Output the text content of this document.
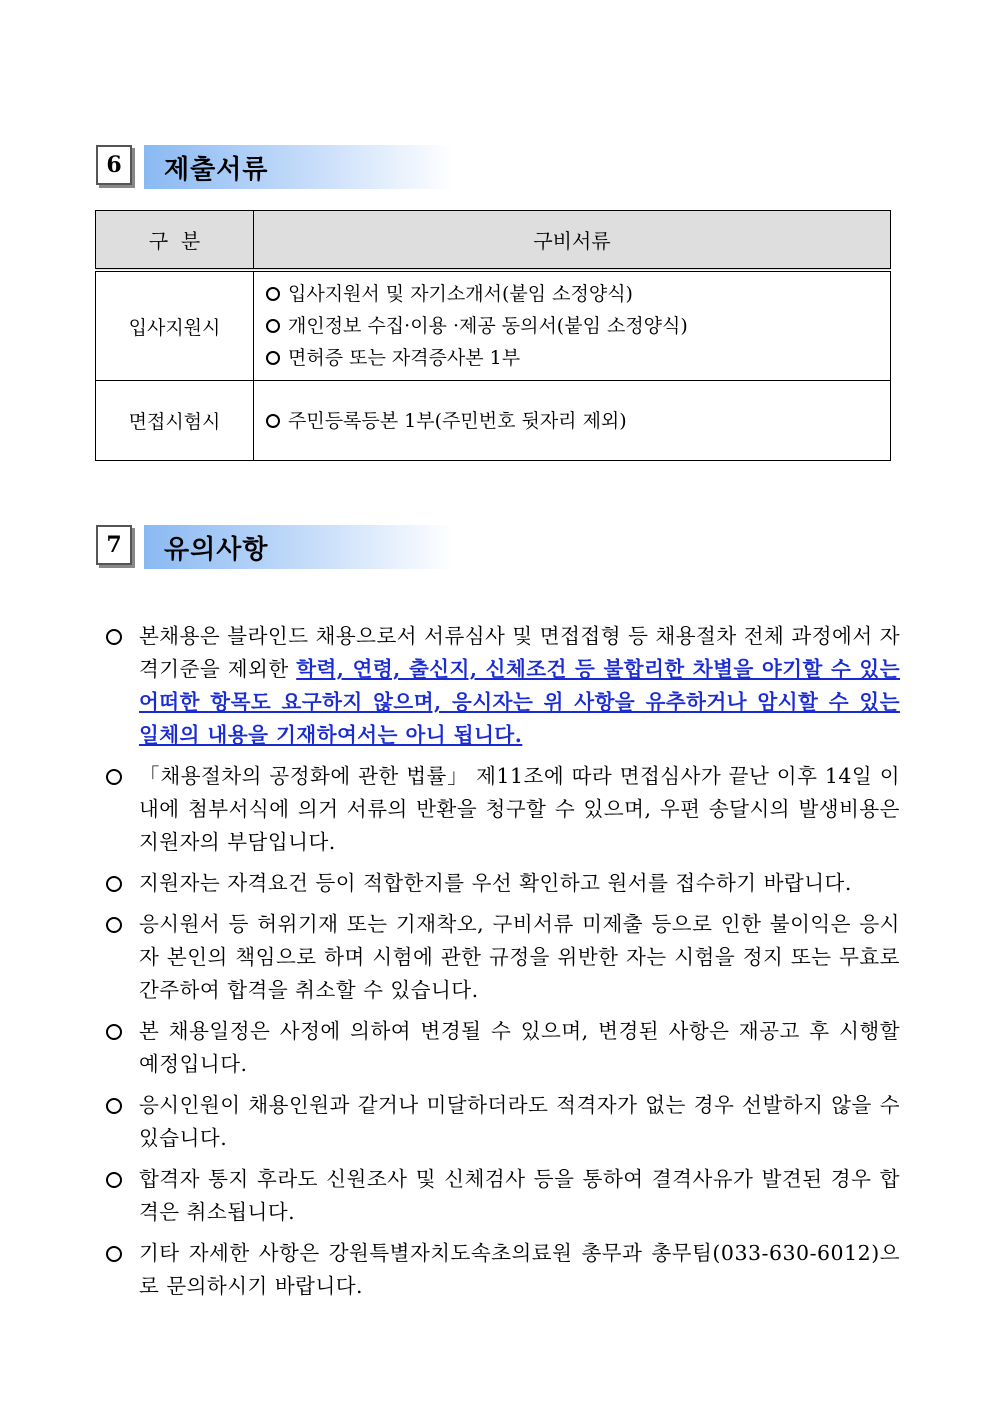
6	제출서류
구  분	구비서류
입사지원시	입사지원서 및 자기소개서(붙임 소정양식)
개인정보 수집·이용 ·제공 동의서(붙임 소정양식)
면허증 또는 자격증사본 1부

면접시험시	주민등록등본 1부(주민번호 뒷자리 제외)
7	유의사항
본채용은 블라인드 채용으로서 서류심사 및 면접접형 등 채용절차 전체 과정에서 자격기준을 제외한 학력, 연령, 출신지, 신체조건 등 불합리한 차별을 야기할 수 있는 어떠한 항목도 요구하지 않으며, 응시자는 위 사항을 유추하거나 암시할 수 있는 일체의 내용을 기재하여서는 아니 됩니다.
「채용절차의 공정화에 관한 법률」 제11조에 따라 면접심사가 끝난 이후 14일 이내에 첨부서식에 의거 서류의 반환을 청구할 수 있으며, 우편 송달시의 발생비용은 지원자의 부담입니다.
지원자는 자격요건 등이 적합한지를 우선 확인하고 원서를 접수하기 바랍니다.
응시원서 등 허위기재 또는 기재착오, 구비서류 미제출 등으로 인한 불이익은 응시자 본인의 책임으로 하며 시험에 관한 규정을 위반한 자는 시험을 정지 또는 무효로 간주하여 합격을 취소할 수 있습니다.
본 채용일정은 사정에 의하여 변경될 수 있으며, 변경된 사항은 재공고 후 시행할 예정입니다.
응시인원이 채용인원과 같거나 미달하더라도 적격자가 없는 경우 선발하지 않을 수 있습니다.
합격자 통지 후라도 신원조사 및 신체검사 등을 통하여 결격사유가 발견된 경우 합격은 취소됩니다.
기타 자세한 사항은 강원특별자치도속초의료원 총무과 총무팀(033-630-6012)으로 문의하시기 바랍니다.
